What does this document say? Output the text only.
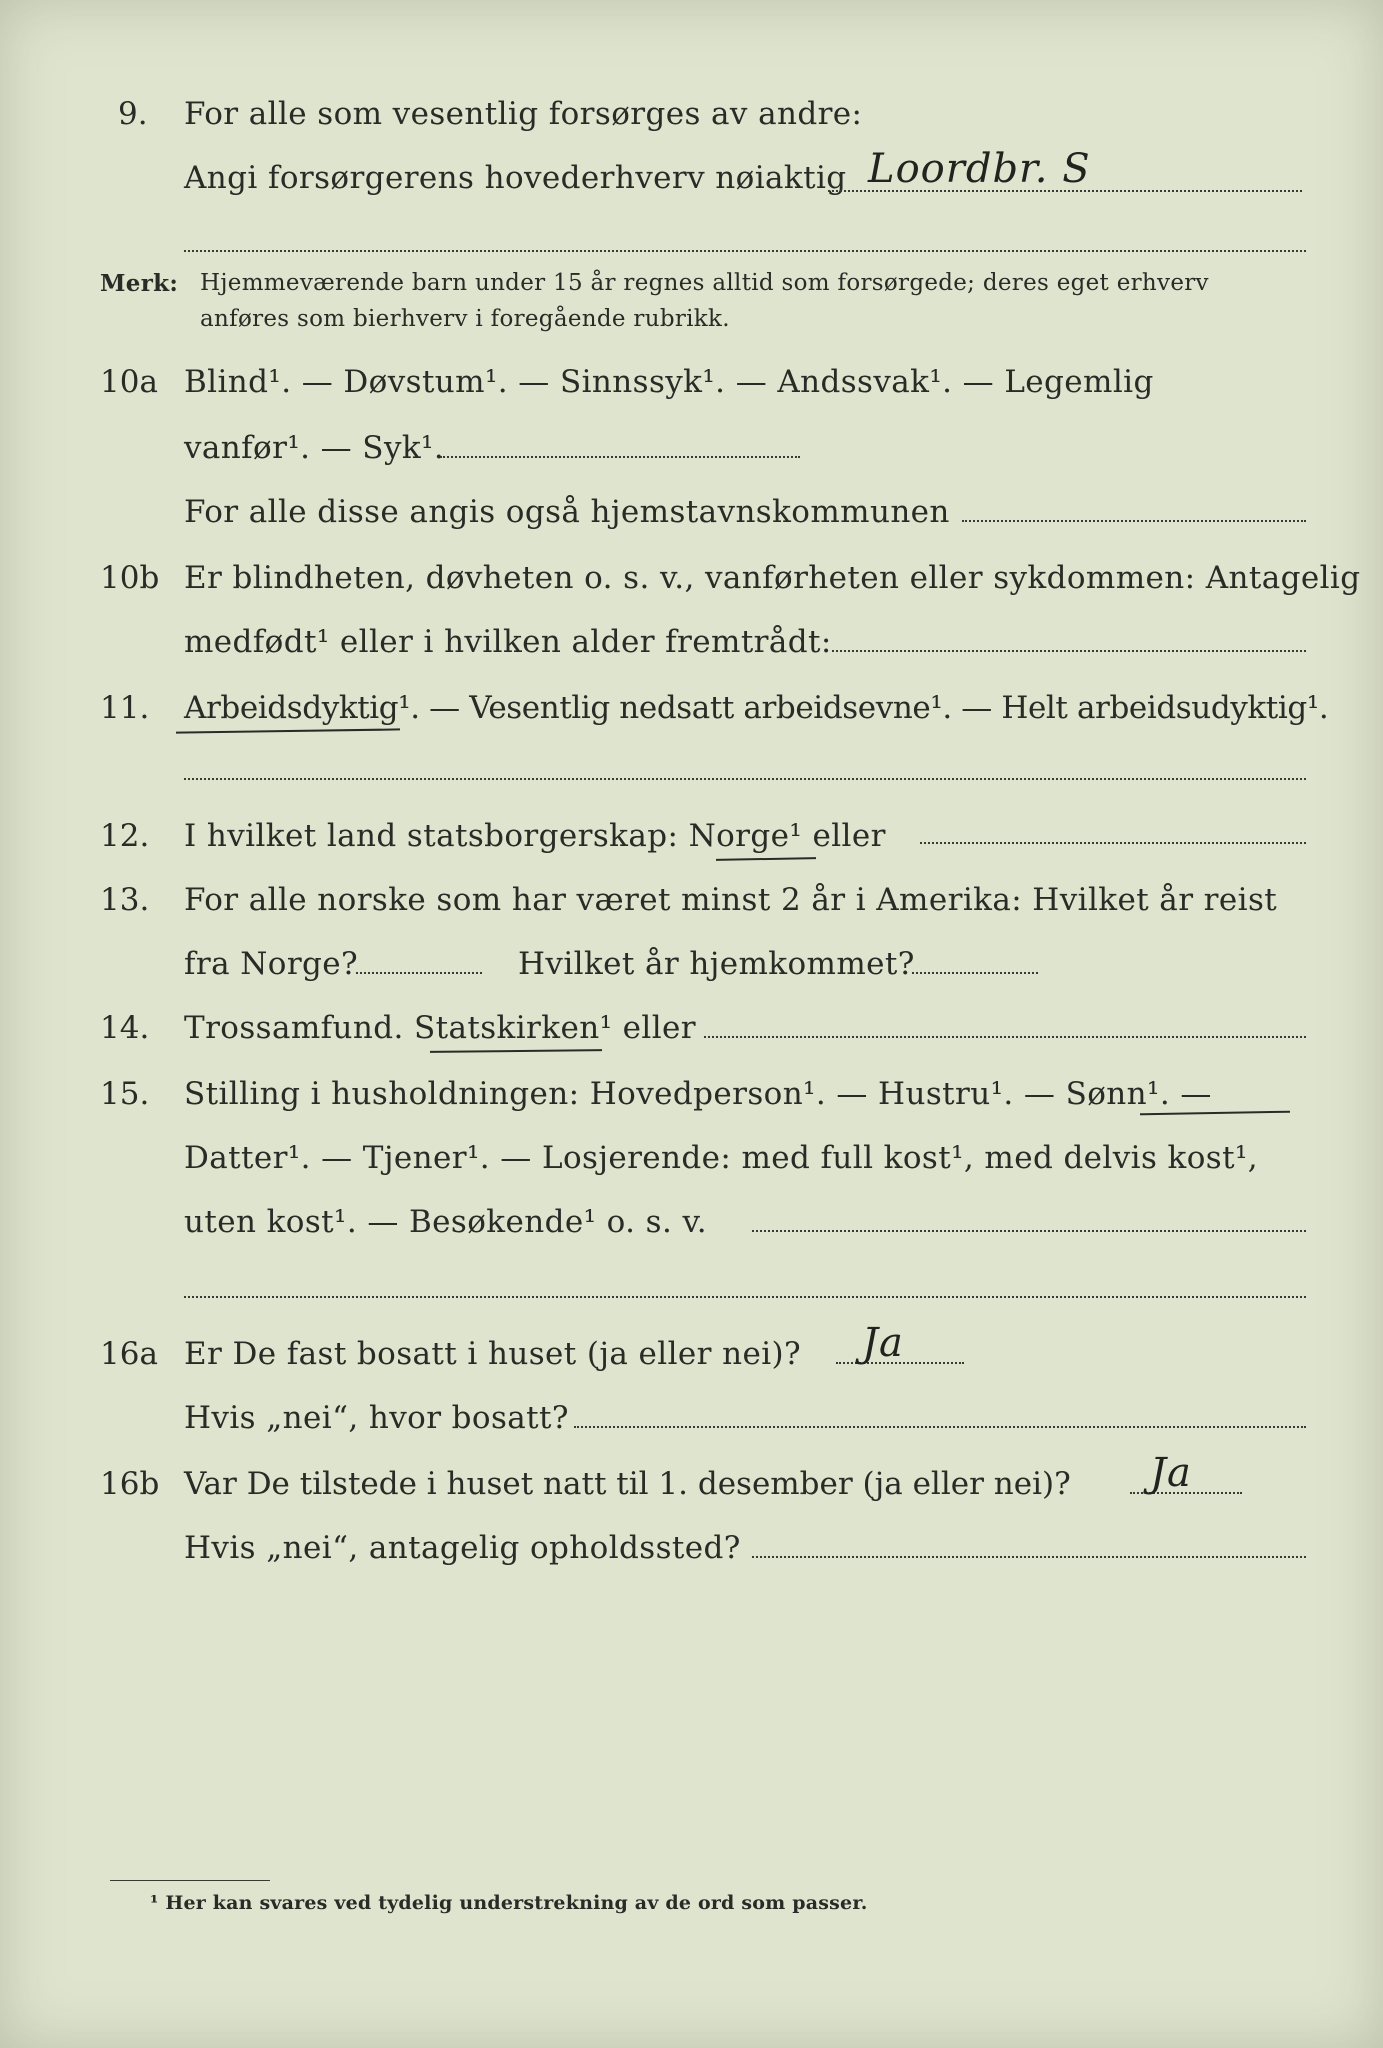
9. For alle som vesentlig forsørges av andre:
Angi forsørgerens hovederhverv nøiaktig Loordbr. S
Merk: Hjemmeværende barn under 15 år regnes alltid som forsørgede; deres eget erhverv
anføres som bierhverv i foregående rubrikk.
10a Blind¹. — Døvstum¹. — Sinnssyk¹. — Andssvak¹. — Legemlig
vanfør¹. — Syk¹.
For alle disse angis også hjemstavnskommunen
10b Er blindheten, døvheten o. s. v., vanførheten eller sykdommen: Antagelig
medfødt¹ eller i hvilken alder fremtrådt:
11. Arbeidsdyktig¹. — Vesentlig nedsatt arbeidsevne¹. — Helt arbeidsudyktig¹.
12. I hvilket land statsborgerskap: Norge¹ eller
13. For alle norske som har været minst 2 år i Amerika: Hvilket år reist
fra Norge?	Hvilket år hjemkommet?
14. Trossamfund. Statskirken¹ eller
15. Stilling i husholdningen: Hovedperson¹. — Hustru¹. — Sønn¹. —
Datter¹. — Tjener¹. — Losjerende: med full kost¹, med delvis kost¹,
uten kost¹. — Besøkende¹ o. s. v.
16a Er De fast bosatt i huset (ja eller nei)? Ja
Hvis „nei“, hvor bosatt?
16b Var De tilstede i huset natt til 1. desember (ja eller nei)? Ja
Hvis „nei“, antagelig opholdssted?
¹ Her kan svares ved tydelig understrekning av de ord som passer.
